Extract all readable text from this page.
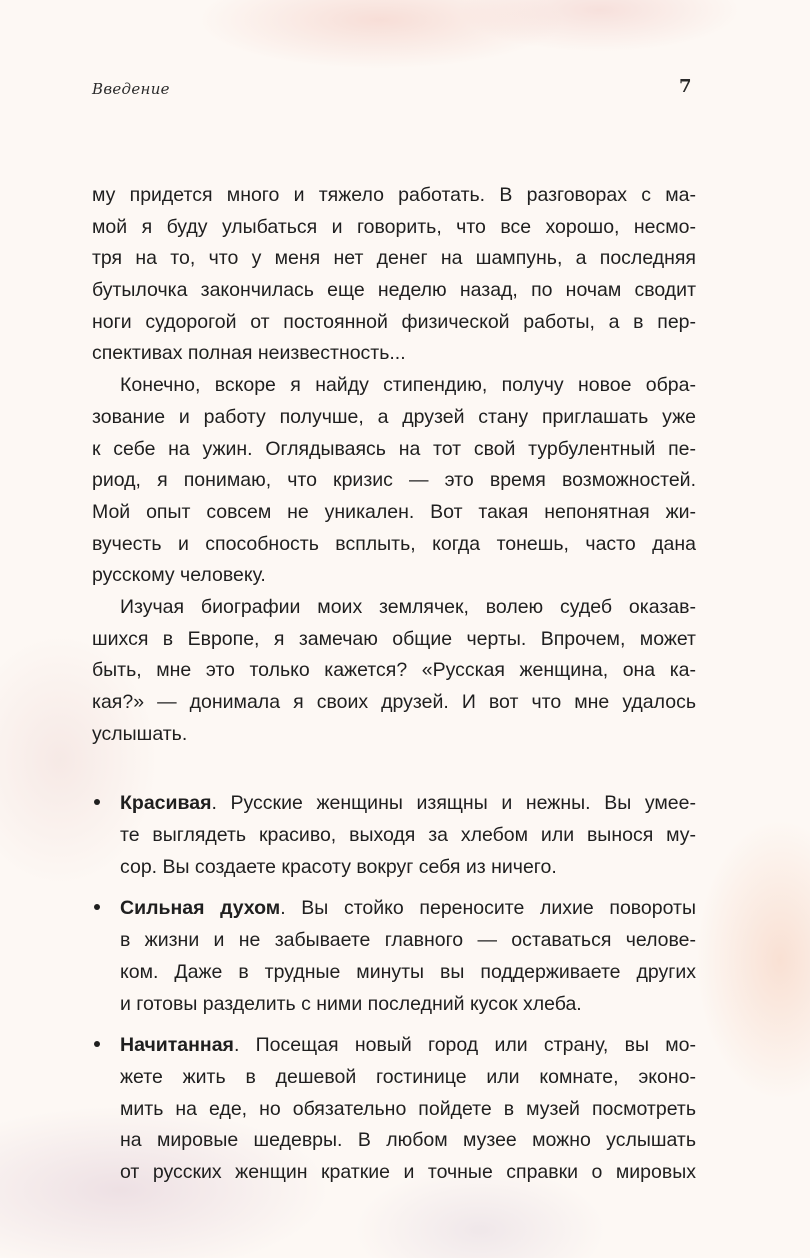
Введение	7
му придется много и тяжело работать. В разговорах с ма-
мой я буду улыбаться и говорить, что все хорошо, несмо-
тря на то, что у меня нет денег на шампунь, а последняя
бутылочка закончилась еще неделю назад, по ночам сводит
ноги судорогой от постоянной физической работы, а в пер-
спективах полная неизвестность...
Конечно, вскоре я найду стипендию, получу новое обра-
зование и работу получше, а друзей стану приглашать уже
к себе на ужин. Оглядываясь на тот свой турбулентный пе-
риод, я понимаю, что кризис — это время возможностей.
Мой опыт совсем не уникален. Вот такая непонятная жи-
вучесть и способность всплыть, когда тонешь, часто дана
русскому человеку.
Изучая биографии моих землячек, волею судеб оказав-
шихся в Европе, я замечаю общие черты. Впрочем, может
быть, мне это только кажется? «Русская женщина, она ка-
кая?» — донимала я своих друзей. И вот что мне удалось
услышать.
Красивая. Русские женщины изящны и нежны. Вы умее-
те выглядеть красиво, выходя за хлебом или вынося му-
сор. Вы создаете красоту вокруг себя из ничего.
Сильная духом. Вы стойко переносите лихие повороты
в жизни и не забываете главного — оставаться челове-
ком. Даже в трудные минуты вы поддерживаете других
и готовы разделить с ними последний кусок хлеба.
Начитанная. Посещая новый город или страну, вы мо-
жете жить в дешевой гостинице или комнате, эконо-
мить на еде, но обязательно пойдете в музей посмотреть
на мировые шедевры. В любом музее можно услышать
от русских женщин краткие и точные справки о мировых
